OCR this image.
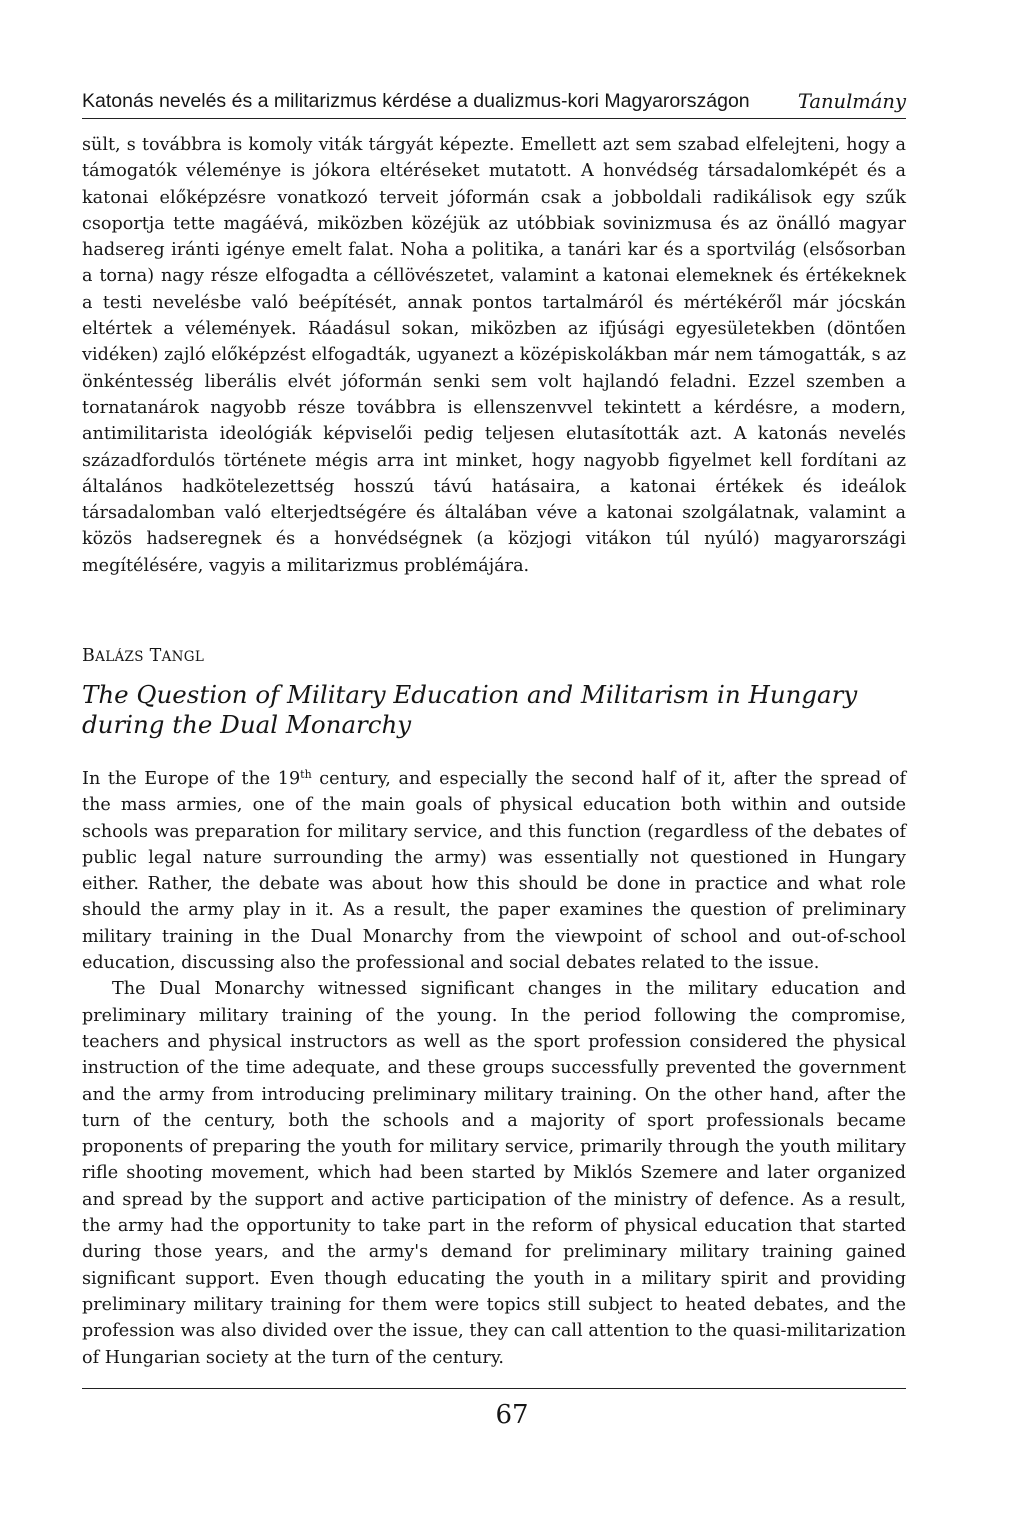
Katonás nevelés és a militarizmus kérdése a dualizmus-kori Magyarországon Tanulmány

sült, s továbbra is komoly viták tárgyát képezte. Emellett azt sem szabad elfelejteni, hogy a támogatók véleménye is jókora eltéréseket mutatott. A honvédség társadalomképét és a katonai előképzésre vonatkozó terveit jóformán csak a jobboldali radikálisok egy szűk csoportja tette magáévá, miközben közéjük az utóbbiak sovinizmusa és az önálló magyar hadsereg iránti igénye emelt falat. Noha a politika, a tanári kar és a sportvilág (elsősorban a torna) nagy része elfogadta a céllövészetet, valamint a katonai elemeknek és értékeknek a testi nevelésbe való beépítését, annak pontos tartalmáról és mértékéről már jócskán eltértek a vélemények. Ráadásul sokan, miközben az ifjúsági egyesületekben (döntően vidéken) zajló előképzést elfogadták, ugyanezt a középiskolákban már nem támogatták, s az önkéntesség liberális elvét jóformán senki sem volt hajlandó feladni. Ezzel szemben a tornatanárok nagyobb része továbbra is ellenszenvvel tekintett a kérdésre, a modern, antimilitarista ideológiák képviselői pedig teljesen elutasították azt. A katonás nevelés századfordulós története mégis arra int minket, hogy nagyobb figyelmet kell fordítani az általános hadkötelezettség hosszú távú hatásaira, a katonai értékek és ideálok társadalomban való elterjedtségére és általában véve a katonai szolgálatnak, valamint a közös hadseregnek és a honvédségnek (a közjogi vitákon túl nyúló) magyarországi megítélésére, vagyis a militarizmus problémájára.

BALÁZS TANGL
The Question of Military Education and Militarism in Hungary during the Dual Monarchy

In the Europe of the 19th century, and especially the second half of it, after the spread of the mass armies, one of the main goals of physical education both within and outside schools was preparation for military service, and this function (regardless of the debates of public legal nature surrounding the army) was essentially not questioned in Hungary either. Rather, the debate was about how this should be done in practice and what role should the army play in it. As a result, the paper examines the question of preliminary military training in the Dual Monarchy from the viewpoint of school and out-of-school education, discussing also the professional and social debates related to the issue.

The Dual Monarchy witnessed significant changes in the military education and preliminary military training of the young. In the period following the compromise, teachers and physical instructors as well as the sport profession considered the physical instruction of the time adequate, and these groups successfully prevented the government and the army from introducing preliminary military training. On the other hand, after the turn of the century, both the schools and a majority of sport professionals became proponents of preparing the youth for military service, primarily through the youth military rifle shooting movement, which had been started by Miklós Szemere and later organized and spread by the support and active participation of the ministry of defence. As a result, the army had the opportunity to take part in the reform of physical education that started during those years, and the army's demand for preliminary military training gained significant support. Even though educating the youth in a military spirit and providing preliminary military training for them were topics still subject to heated debates, and the profession was also divided over the issue, they can call attention to the quasi-militarization of Hungarian society at the turn of the century.

67
